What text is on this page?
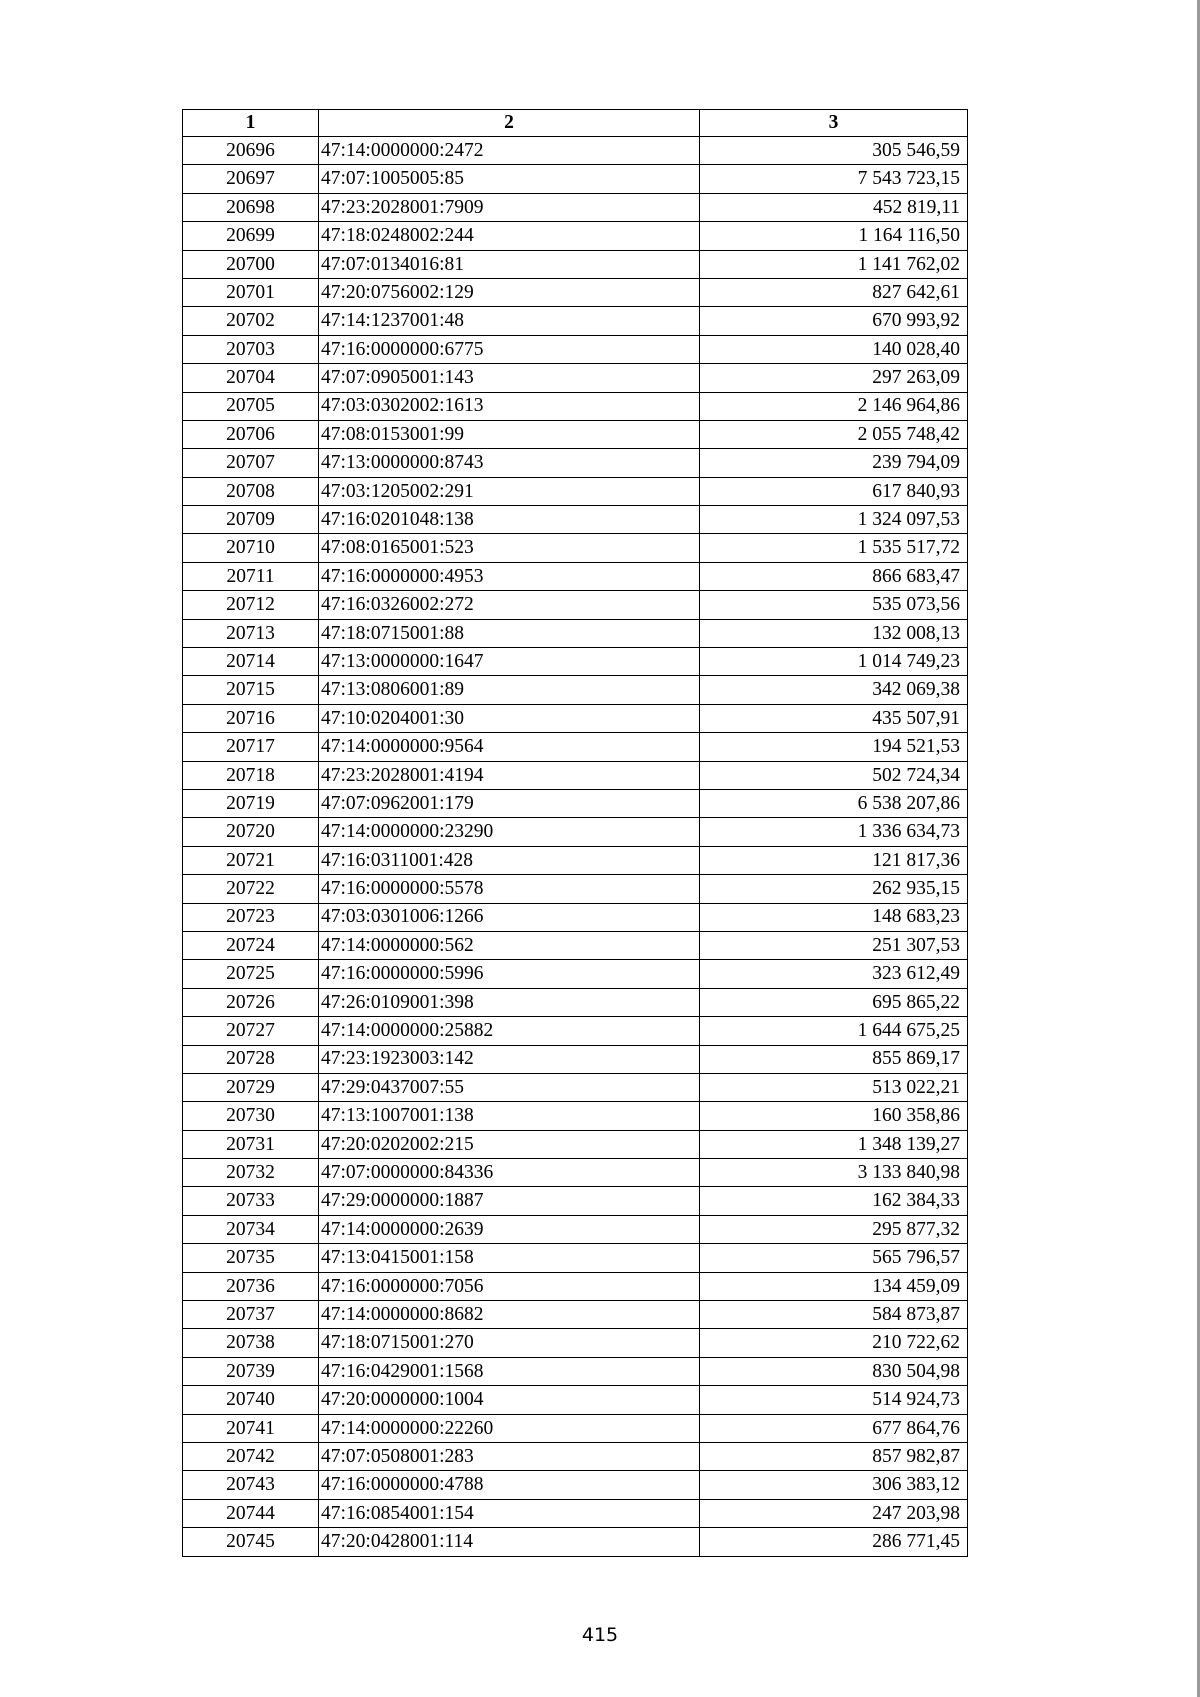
1	2	3
20696	47:14:0000000:2472	305 546,59
20697	47:07:1005005:85	7 543 723,15
20698	47:23:2028001:7909	452 819,11
20699	47:18:0248002:244	1 164 116,50
20700	47:07:0134016:81	1 141 762,02
20701	47:20:0756002:129	827 642,61
20702	47:14:1237001:48	670 993,92
20703	47:16:0000000:6775	140 028,40
20704	47:07:0905001:143	297 263,09
20705	47:03:0302002:1613	2 146 964,86
20706	47:08:0153001:99	2 055 748,42
20707	47:13:0000000:8743	239 794,09
20708	47:03:1205002:291	617 840,93
20709	47:16:0201048:138	1 324 097,53
20710	47:08:0165001:523	1 535 517,72
20711	47:16:0000000:4953	866 683,47
20712	47:16:0326002:272	535 073,56
20713	47:18:0715001:88	132 008,13
20714	47:13:0000000:1647	1 014 749,23
20715	47:13:0806001:89	342 069,38
20716	47:10:0204001:30	435 507,91
20717	47:14:0000000:9564	194 521,53
20718	47:23:2028001:4194	502 724,34
20719	47:07:0962001:179	6 538 207,86
20720	47:14:0000000:23290	1 336 634,73
20721	47:16:0311001:428	121 817,36
20722	47:16:0000000:5578	262 935,15
20723	47:03:0301006:1266	148 683,23
20724	47:14:0000000:562	251 307,53
20725	47:16:0000000:5996	323 612,49
20726	47:26:0109001:398	695 865,22
20727	47:14:0000000:25882	1 644 675,25
20728	47:23:1923003:142	855 869,17
20729	47:29:0437007:55	513 022,21
20730	47:13:1007001:138	160 358,86
20731	47:20:0202002:215	1 348 139,27
20732	47:07:0000000:84336	3 133 840,98
20733	47:29:0000000:1887	162 384,33
20734	47:14:0000000:2639	295 877,32
20735	47:13:0415001:158	565 796,57
20736	47:16:0000000:7056	134 459,09
20737	47:14:0000000:8682	584 873,87
20738	47:18:0715001:270	210 722,62
20739	47:16:0429001:1568	830 504,98
20740	47:20:0000000:1004	514 924,73
20741	47:14:0000000:22260	677 864,76
20742	47:07:0508001:283	857 982,87
20743	47:16:0000000:4788	306 383,12
20744	47:16:0854001:154	247 203,98
20745	47:20:0428001:114	286 771,45
415
